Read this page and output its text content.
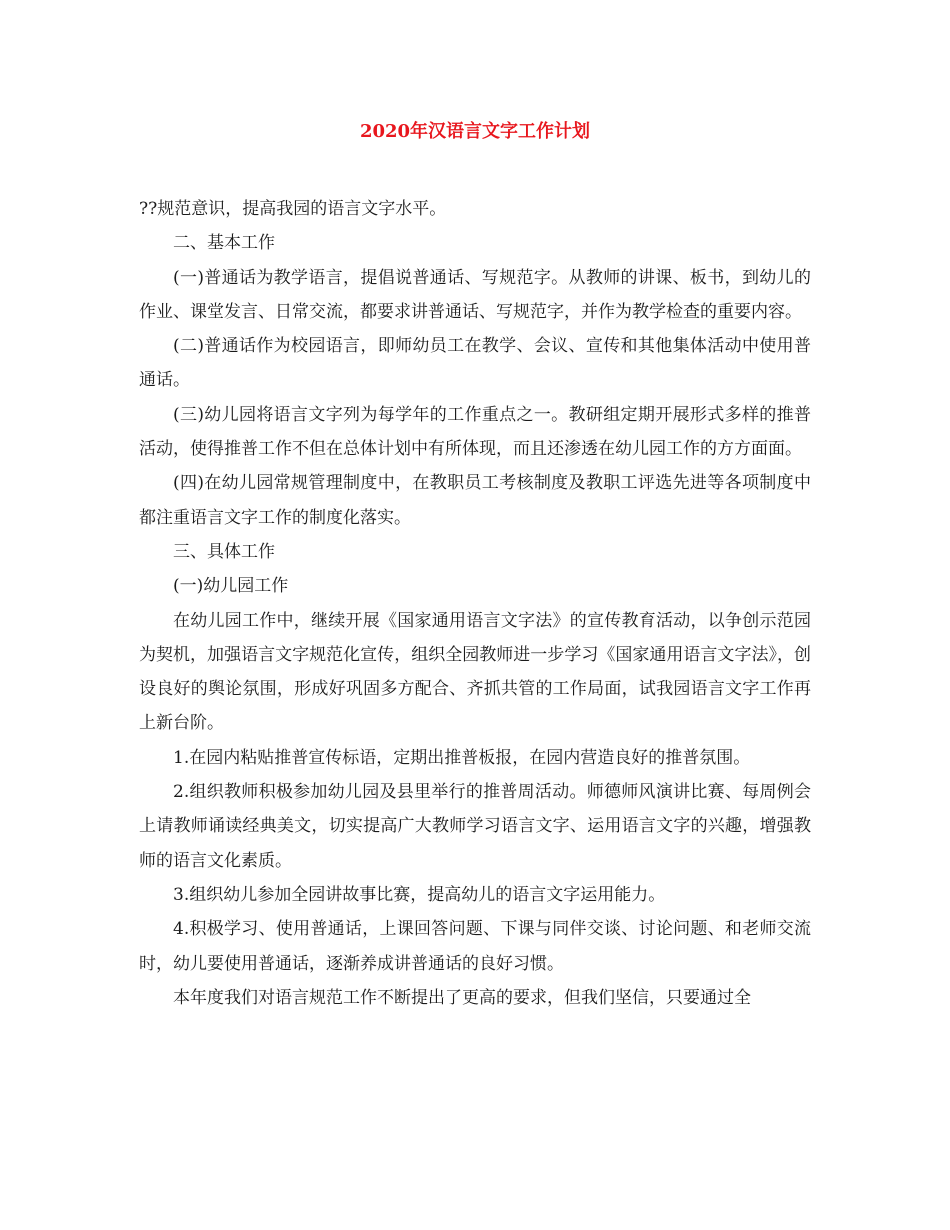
2020年汉语言文字工作计划

??规范意识，提高我园的语言文字水平。

二、基本工作

(一)普通话为教学语言，提倡说普通话、写规范字。从教师的讲课、板书，到幼儿的作业、课堂发言、日常交流，都要求讲普通话、写规范字，并作为教学检查的重要内容。

(二)普通话作为校园语言，即师幼员工在教学、会议、宣传和其他集体活动中使用普通话。

(三)幼儿园将语言文字列为每学年的工作重点之一。教研组定期开展形式多样的推普活动，使得推普工作不但在总体计划中有所体现，而且还渗透在幼儿园工作的方方面面。

(四)在幼儿园常规管理制度中，在教职员工考核制度及教职工评选先进等各项制度中都注重语言文字工作的制度化落实。

三、具体工作

(一)幼儿园工作

在幼儿园工作中，继续开展《国家通用语言文字法》的宣传教育活动，以争创示范园为契机，加强语言文字规范化宣传，组织全园教师进一步学习《国家通用语言文字法》，创设良好的舆论氛围，形成好巩固多方配合、齐抓共管的工作局面，试我园语言文字工作再上新台阶。

1.在园内粘贴推普宣传标语，定期出推普板报，在园内营造良好的推普氛围。

2.组织教师积极参加幼儿园及县里举行的推普周活动。师德师风演讲比赛、每周例会上请教师诵读经典美文，切实提高广大教师学习语言文字、运用语言文字的兴趣，增强教师的语言文化素质。

3.组织幼儿参加全园讲故事比赛，提高幼儿的语言文字运用能力。

4.积极学习、使用普通话，上课回答问题、下课与同伴交谈、讨论问题、和老师交流时，幼儿要使用普通话，逐渐养成讲普通话的良好习惯。

本年度我们对语言规范工作不断提出了更高的要求，但我们坚信，只要通过全
